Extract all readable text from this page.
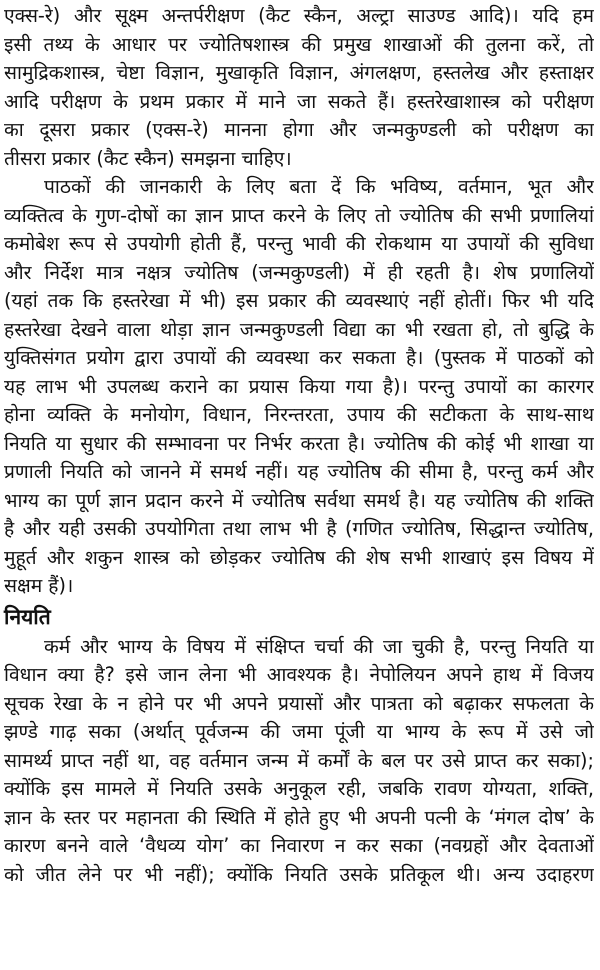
एक्स-रे) और सूक्ष्म अन्तर्परीक्षण (कैट स्कैन, अल्ट्रा साउण्ड आदि)। यदि हम
इसी तथ्य के आधार पर ज्योतिषशास्त्र की प्रमुख शाखाओं की तुलना करें, तो
सामुद्रिकशास्त्र, चेष्टा विज्ञान, मुखाकृति विज्ञान, अंगलक्षण, हस्तलेख और हस्ताक्षर
आदि परीक्षण के प्रथम प्रकार में माने जा सकते हैं। हस्तरेखाशास्त्र को परीक्षण
का दूसरा प्रकार (एक्स-रे) मानना होगा और जन्मकुण्डली को परीक्षण का
तीसरा प्रकार (कैट स्कैन) समझना चाहिए।
पाठकों की जानकारी के लिए बता दें कि भविष्य, वर्तमान, भूत और
व्यक्तित्व के गुण-दोषों का ज्ञान प्राप्त करने के लिए तो ज्योतिष की सभी प्रणालियां
कमोबेश रूप से उपयोगी होती हैं, परन्तु भावी की रोकथाम या उपायों की सुविधा
और निर्देश मात्र नक्षत्र ज्योतिष (जन्मकुण्डली) में ही रहती है। शेष प्रणालियों
(यहां तक कि हस्तरेखा में भी) इस प्रकार की व्यवस्थाएं नहीं होतीं। फिर भी यदि
हस्तरेखा देखने वाला थोड़ा ज्ञान जन्मकुण्डली विद्या का भी रखता हो, तो बुद्धि के
युक्तिसंगत प्रयोग द्वारा उपायों की व्यवस्था कर सकता है। (पुस्तक में पाठकों को
यह लाभ भी उपलब्ध कराने का प्रयास किया गया है)। परन्तु उपायों का कारगर
होना व्यक्ति के मनोयोग, विधान, निरन्तरता, उपाय की सटीकता के साथ-साथ
नियति या सुधार की सम्भावना पर निर्भर करता है। ज्योतिष की कोई भी शाखा या
प्रणाली नियति को जानने में समर्थ नहीं। यह ज्योतिष की सीमा है, परन्तु कर्म और
भाग्य का पूर्ण ज्ञान प्रदान करने में ज्योतिष सर्वथा समर्थ है। यह ज्योतिष की शक्ति
है और यही उसकी उपयोगिता तथा लाभ भी है (गणित ज्योतिष, सिद्धान्त ज्योतिष,
मुहूर्त और शकुन शास्त्र को छोड़कर ज्योतिष की शेष सभी शाखाएं इस विषय में
सक्षम हैं)।
नियति
कर्म और भाग्य के विषय में संक्षिप्त चर्चा की जा चुकी है, परन्तु नियति या
विधान क्या है? इसे जान लेना भी आवश्यक है। नेपोलियन अपने हाथ में विजय
सूचक रेखा के न होने पर भी अपने प्रयासों और पात्रता को बढ़ाकर सफलता के
झण्डे गाढ़ सका (अर्थात् पूर्वजन्म की जमा पूंजी या भाग्य के रूप में उसे जो
सामर्थ्य प्राप्त नहीं था, वह वर्तमान जन्म में कर्मों के बल पर उसे प्राप्त कर सका);
क्योंकि इस मामले में नियति उसके अनुकूल रही, जबकि रावण योग्यता, शक्ति,
ज्ञान के स्तर पर महानता की स्थिति में होते हुए भी अपनी पत्नी के ‘मंगल दोष’ के
कारण बनने वाले ‘वैधव्य योग’ का निवारण न कर सका (नवग्रहों और देवताओं
को जीत लेने पर भी नहीं); क्योंकि नियति उसके प्रतिकूल थी। अन्य उदाहरण
